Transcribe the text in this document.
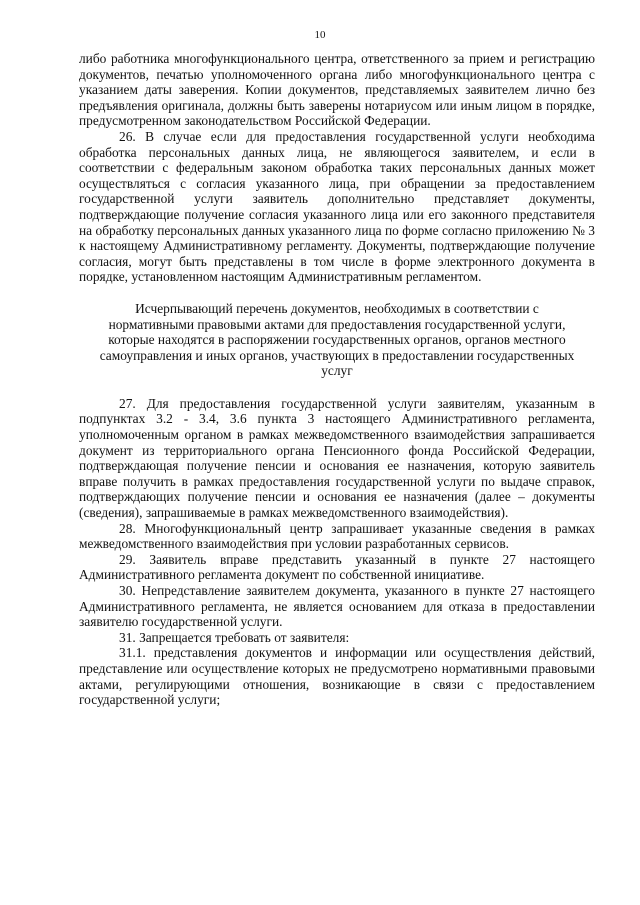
10

либо работника многофункционального центра, ответственного за прием и регистрацию документов, печатью уполномоченного органа либо многофункционального центра с указанием даты заверения. Копии документов, представляемых заявителем лично без предъявления оригинала, должны быть заверены нотариусом или иным лицом в порядке, предусмотренном законодательством Российской Федерации.

26. В случае если для предоставления государственной услуги необходима обработка персональных данных лица, не являющегося заявителем, и если в соответствии с федеральным законом обработка таких персональных данных может осуществляться с согласия указанного лица, при обращении за предоставлением государственной услуги заявитель дополнительно представляет документы, подтверждающие получение согласия указанного лица или его законного представителя на обработку персональных данных указанного лица по форме согласно приложению № 3 к настоящему Административному регламенту. Документы, подтверждающие получение согласия, могут быть представлены в том числе в форме электронного документа в порядке, установленном настоящим Административным регламентом.

Исчерпывающий перечень документов, необходимых в соответствии с нормативными правовыми актами для предоставления государственной услуги, которые находятся в распоряжении государственных органов, органов местного самоуправления и иных органов, участвующих в предоставлении государственных услуг

27. Для предоставления государственной услуги заявителям, указанным в подпунктах 3.2 - 3.4, 3.6 пункта 3 настоящего Административного регламента, уполномоченным органом в рамках межведомственного взаимодействия запрашивается документ из территориального органа Пенсионного фонда Российской Федерации, подтверждающая получение пенсии и основания ее назначения, которую заявитель вправе получить в рамках предоставления государственной услуги по выдаче справок, подтверждающих получение пенсии и основания ее назначения (далее – документы (сведения), запрашиваемые в рамках межведомственного взаимодействия).

28. Многофункциональный центр запрашивает указанные сведения в рамках межведомственного взаимодействия при условии разработанных сервисов.

29. Заявитель вправе представить указанный в пункте 27 настоящего Административного регламента документ по собственной инициативе.

30. Непредставление заявителем документа, указанного в пункте 27 настоящего Административного регламента, не является основанием для отказа в предоставлении заявителю государственной услуги.

31. Запрещается требовать от заявителя:

31.1. представления документов и информации или осуществления действий, представление или осуществление которых не предусмотрено нормативными правовыми актами, регулирующими отношения, возникающие в связи с предоставлением государственной услуги;
